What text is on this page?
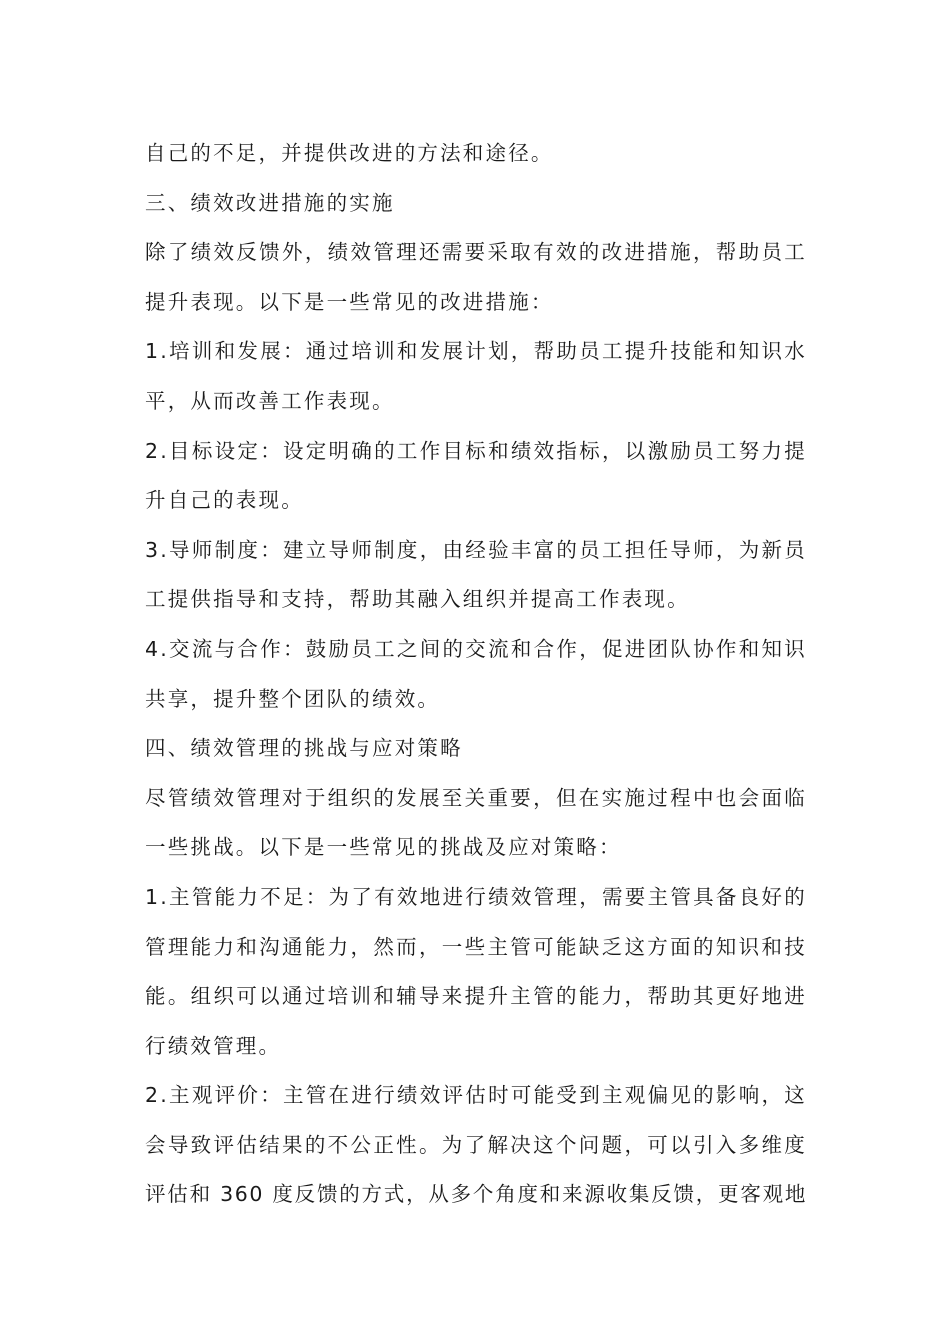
自己的不足，并提供改进的方法和途径。
三、绩效改进措施的实施
除了绩效反馈外，绩效管理还需要采取有效的改进措施，帮助员工
提升表现。以下是一些常见的改进措施：
1.培训和发展：通过培训和发展计划，帮助员工提升技能和知识水
平，从而改善工作表现。
2.目标设定：设定明确的工作目标和绩效指标，以激励员工努力提
升自己的表现。
3.导师制度：建立导师制度，由经验丰富的员工担任导师，为新员
工提供指导和支持，帮助其融入组织并提高工作表现。
4.交流与合作：鼓励员工之间的交流和合作，促进团队协作和知识
共享，提升整个团队的绩效。
四、绩效管理的挑战与应对策略
尽管绩效管理对于组织的发展至关重要，但在实施过程中也会面临
一些挑战。以下是一些常见的挑战及应对策略：
1.主管能力不足：为了有效地进行绩效管理，需要主管具备良好的
管理能力和沟通能力，然而，一些主管可能缺乏这方面的知识和技
能。组织可以通过培训和辅导来提升主管的能力，帮助其更好地进
行绩效管理。
2.主观评价：主管在进行绩效评估时可能受到主观偏见的影响，这
会导致评估结果的不公正性。为了解决这个问题，可以引入多维度
评估和 360 度反馈的方式，从多个角度和来源收集反馈，更客观地
